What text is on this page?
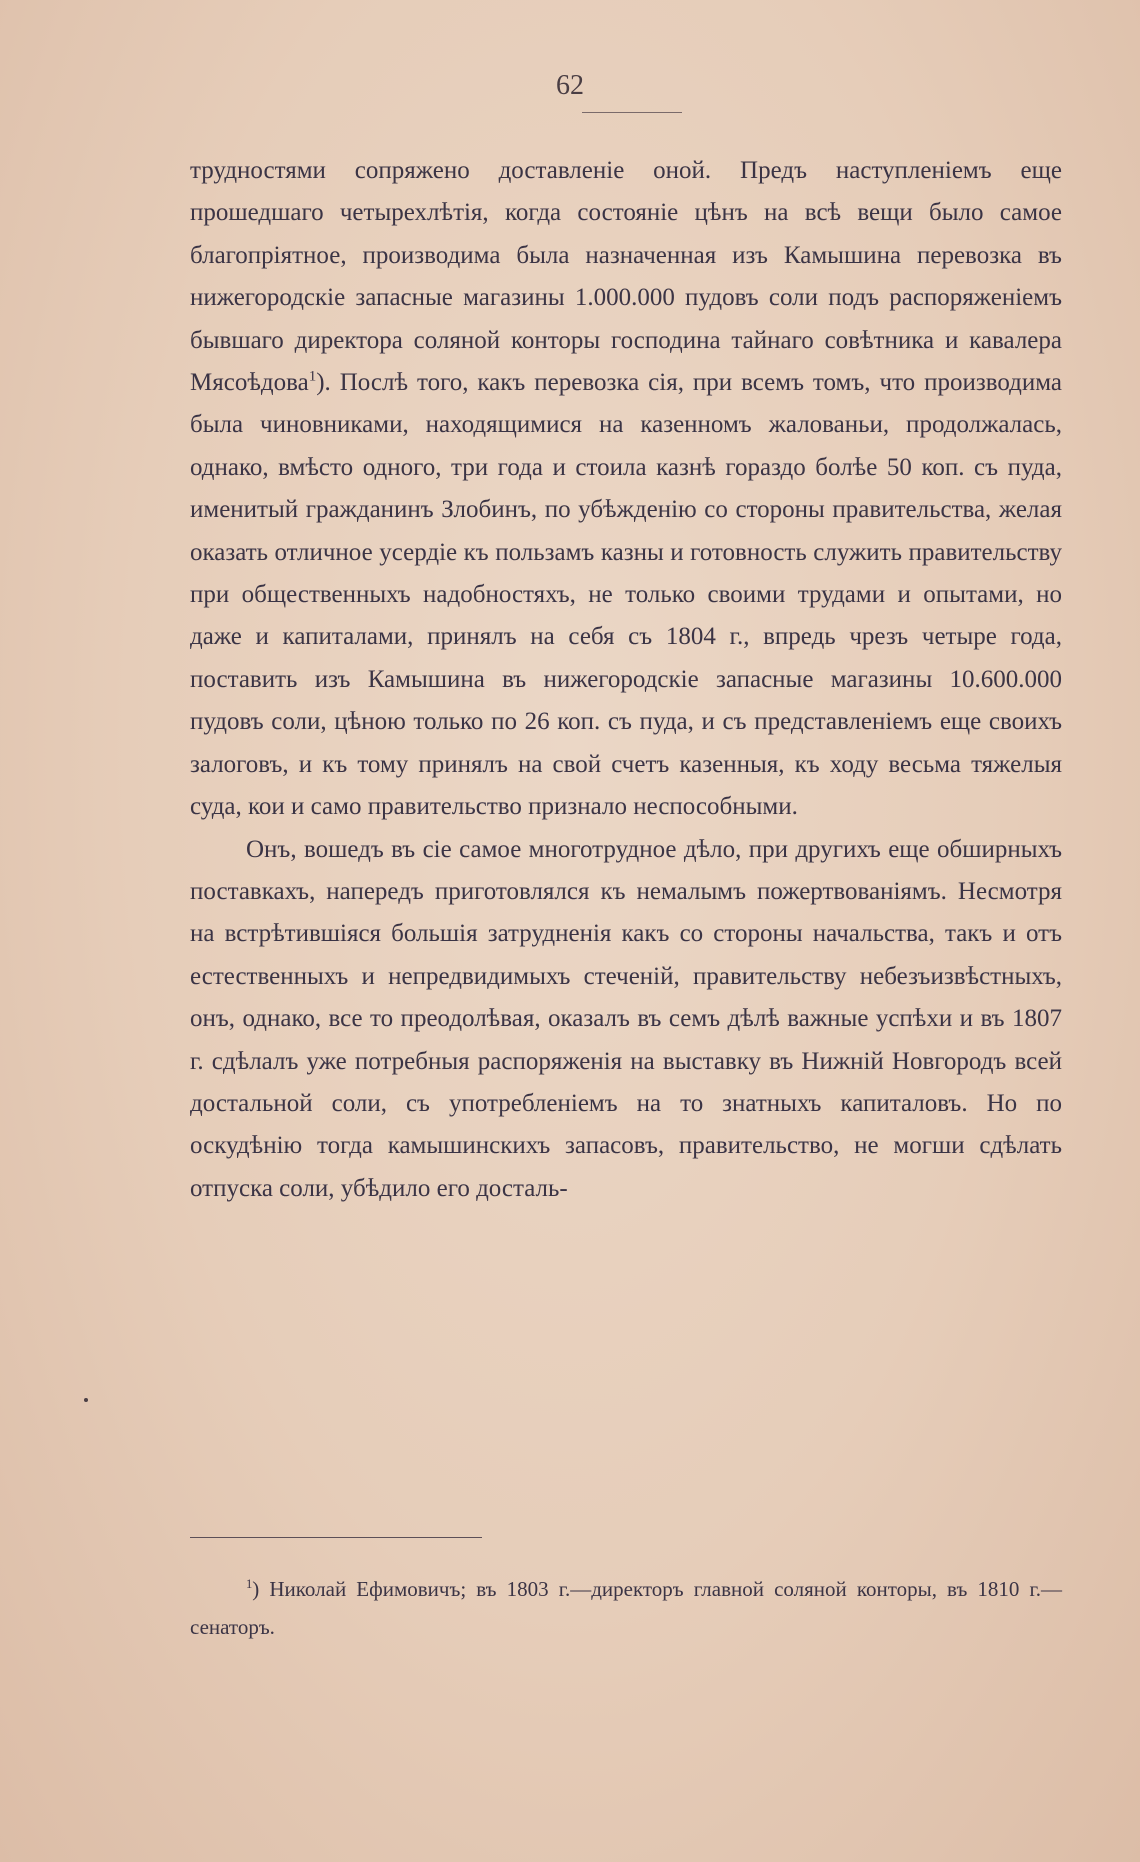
62

трудностями сопряжено доставленіе оной. Предъ наступленіемъ еще прошедшаго четырехлѣтія, когда состояніе цѣнъ на всѣ вещи было самое благопріятное, производима была назначенная изъ Камышина перевозка въ нижегородскіе запасные магазины 1.000.000 пудовъ соли подъ распоряженіемъ бывшаго директора соляной конторы господина тайнаго совѣтника и кавалера Мясоѣдова$^1$). Послѣ того, какъ перевозка сія, при всемъ томъ, что производима была чиновниками, находящимися на казенномъ жалованьи, продолжалась, однако, вмѣсто одного, три года и стоила казнѣ гораздо болѣе 50 коп. съ пуда, именитый гражданинъ Злобинъ, по убѣжденію со стороны правительства, желая оказать отличное усердіе къ пользамъ казны и готовность служить правительству при общественныхъ надобностяхъ, не только своими трудами и опытами, но даже и капиталами, принялъ на себя съ 1804 г., впредь чрезъ четыре года, поставить изъ Камышина въ нижегородскіе запасные магазины 10.600.000 пудовъ соли, цѣною только по 26 коп. съ пуда, и съ представленіемъ еще своихъ залоговъ, и къ тому принялъ на свой счетъ казенныя, къ ходу весьма тяжелыя суда, кои и само правительство признало неспособными.

Онъ, вошедъ въ сіе самое многотрудное дѣло, при другихъ еще обширныхъ поставкахъ, напередъ приготовлялся къ немалымъ пожертвованіямъ. Несмотря на встрѣтившіяся большія затрудненія какъ со стороны начальства, такъ и отъ естественныхъ и непредвидимыхъ стеченій, правительству небезъизвѣстныхъ, онъ, однако, все то преодолѣвая, оказалъ въ семъ дѣлѣ важные успѣхи и въ 1807 г. сдѣлалъ уже потребныя распоряженія на выставку въ Нижній Новгородъ всей достальной соли, съ употребленіемъ на то знатныхъ капиталовъ. Но по оскудѣнію тогда камышинскихъ запасовъ, правительство, не могши сдѣлать отпуска соли, убѣдило его досталь-

$^1$) Николай Ефимовичъ; въ 1803 г.—директоръ главной соляной конторы, въ 1810 г.—сенаторъ.
